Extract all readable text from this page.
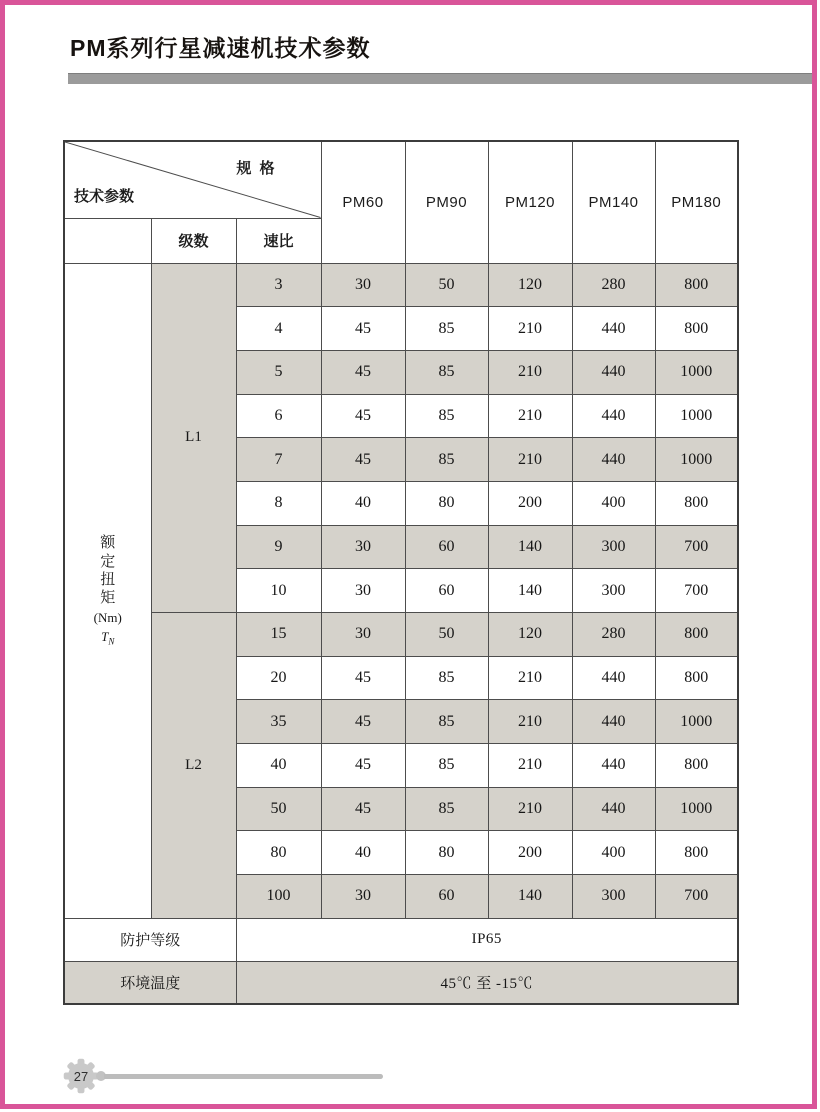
PM系列行星减速机技术参数
规 格
技术参数			PM60	PM90	PM120	PM140	PM180
	级数	速比					

额定扭矩
(Nm)
$T_N$	L1	3	30	50	120	280	800
		4	45	85	210	440	800
		5	45	85	210	440	1000
		6	45	85	210	440	1000
		7	45	85	210	440	1000
		8	40	80	200	400	800
		9	30	60	140	300	700
		10	30	60	140	300	700
	L2	15	30	50	120	280	800
		20	45	85	210	440	800
		35	45	85	210	440	1000
		40	45	85	210	440	800
		50	45	85	210	440	1000
		80	40	80	200	400	800
		100	30	60	140	300	700
防护等级		IP65					
环境温度		45℃ 至 -15℃					
27
